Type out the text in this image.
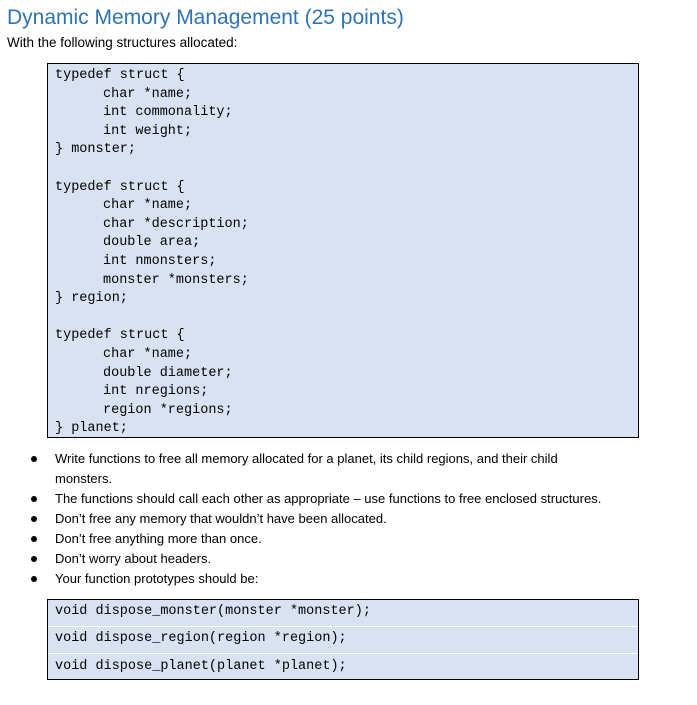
Dynamic Memory Management (25 points)
With the following structures allocated:
typedef struct {
char *name;
int commonality;
int weight;
} monster;
typedef struct {
char *name;
char *description;
double area;
int nmonsters;
monster *monsters;
} region;
typedef struct {
char *name;
double diameter;
int nregions;
region *regions;
} planet;
Write functions to free all memory allocated for a planet, its child regions, and their child monsters.
The functions should call each other as appropriate – use functions to free enclosed structures.
Don’t free any memory that wouldn’t have been allocated.
Don’t free anything more than once.
Don’t worry about headers.
Your function prototypes should be:
void dispose_monster(monster *monster);
void dispose_region(region *region);
void dispose_planet(planet *planet);
